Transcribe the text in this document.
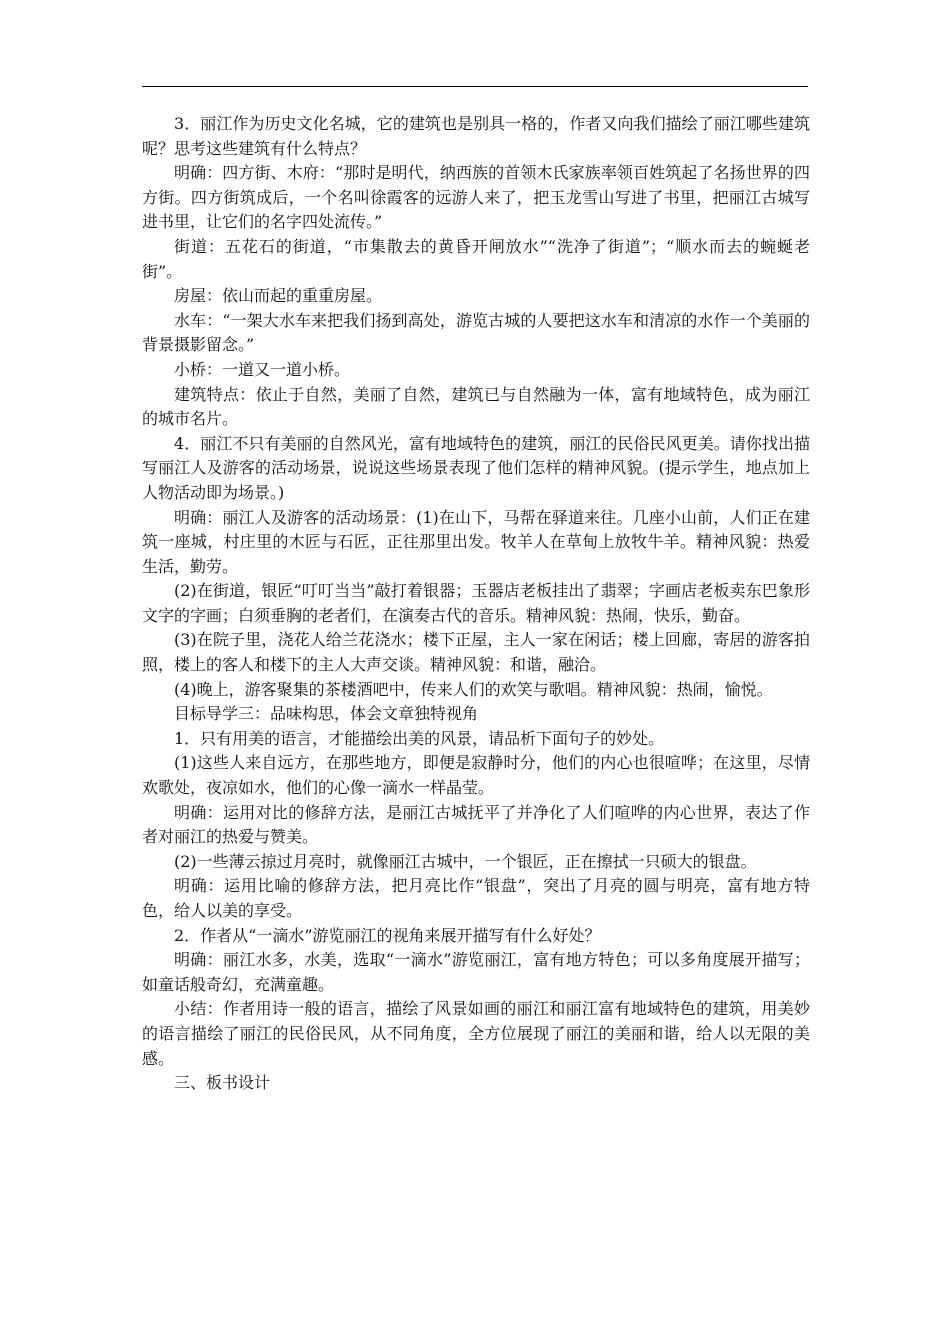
3．丽江作为历史文化名城，它的建筑也是别具一格的，作者又向我们描绘了丽江哪些建筑呢？思考这些建筑有什么特点？

明确：四方街、木府：“那时是明代，纳西族的首领木氏家族率领百姓筑起了名扬世界的四方街。四方街筑成后，一个名叫徐霞客的远游人来了，把玉龙雪山写进了书里，把丽江古城写进书里，让它们的名字四处流传。”

街道：五花石的街道，“市集散去的黄昏开闸放水”“洗净了街道”；“顺水而去的蜿蜒老街”。

房屋：依山而起的重重房屋。

水车：“一架大水车来把我们扬到高处，游览古城的人要把这水车和清凉的水作一个美丽的背景摄影留念。”

小桥：一道又一道小桥。

建筑特点：依止于自然，美丽了自然，建筑已与自然融为一体，富有地域特色，成为丽江的城市名片。

4．丽江不只有美丽的自然风光，富有地域特色的建筑，丽江的民俗民风更美。请你找出描写丽江人及游客的活动场景，说说这些场景表现了他们怎样的精神风貌。(提示学生，地点加上人物活动即为场景。)

明确：丽江人及游客的活动场景：(1)在山下，马帮在驿道来往。几座小山前，人们正在建筑一座城，村庄里的木匠与石匠，正往那里出发。牧羊人在草甸上放牧牛羊。精神风貌：热爱生活，勤劳。

(2)在街道，银匠“叮叮当当”敲打着银器；玉器店老板挂出了翡翠；字画店老板卖东巴象形文字的字画；白须垂胸的老者们，在演奏古代的音乐。精神风貌：热闹，快乐，勤奋。

(3)在院子里，浇花人给兰花浇水；楼下正屋，主人一家在闲话；楼上回廊，寄居的游客拍照，楼上的客人和楼下的主人大声交谈。精神风貌：和谐，融洽。

(4)晚上，游客聚集的茶楼酒吧中，传来人们的欢笑与歌唱。精神风貌：热闹，愉悦。

目标导学三：品味构思，体会文章独特视角

1．只有用美的语言，才能描绘出美的风景，请品析下面句子的妙处。

(1)这些人来自远方，在那些地方，即便是寂静时分，他们的内心也很喧哗；在这里，尽情欢歌处，夜凉如水，他们的心像一滴水一样晶莹。

明确：运用对比的修辞方法，是丽江古城抚平了并净化了人们喧哗的内心世界，表达了作者对丽江的热爱与赞美。

(2)一些薄云掠过月亮时，就像丽江古城中，一个银匠，正在擦拭一只硕大的银盘。

明确：运用比喻的修辞方法，把月亮比作“银盘”，突出了月亮的圆与明亮，富有地方特色，给人以美的享受。

2．作者从“一滴水”游览丽江的视角来展开描写有什么好处？

明确：丽江水多，水美，选取“一滴水”游览丽江，富有地方特色；可以多角度展开描写；如童话般奇幻，充满童趣。

小结：作者用诗一般的语言，描绘了风景如画的丽江和丽江富有地域特色的建筑，用美妙的语言描绘了丽江的民俗民风，从不同角度，全方位展现了丽江的美丽和谐，给人以无限的美感。

三、板书设计
